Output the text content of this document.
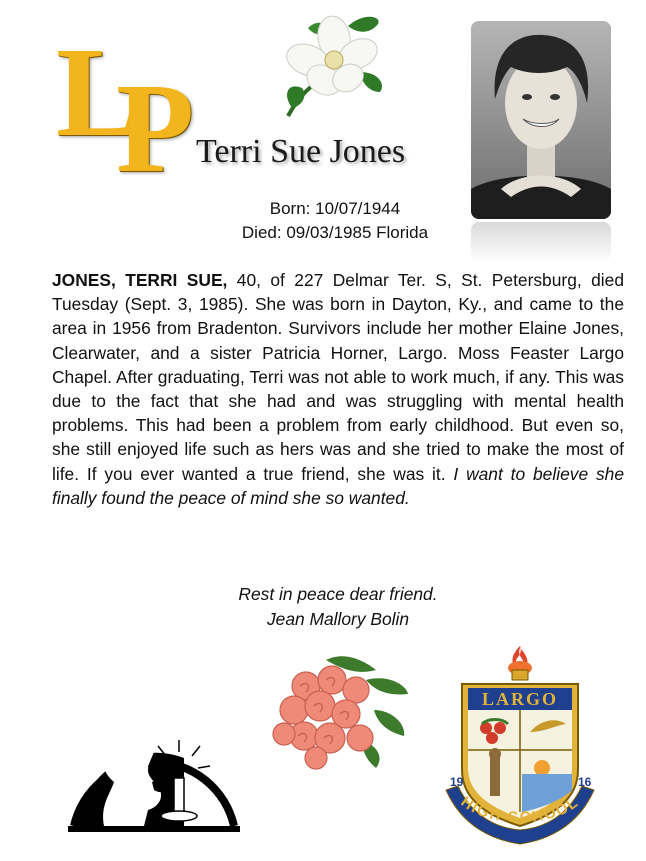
L
P Terri Sue Jones
Born: 10/07/1944
Died: 09/03/1985 Florida

JONES, TERRI SUE, 40, of 227 Delmar Ter. S, St. Petersburg, died Tuesday (Sept. 3, 1985). She was born in Dayton, Ky., and came to the area in 1956 from Bradenton. Survivors include her mother Elaine Jones, Clearwater, and a sister Patricia Horner, Largo. Moss Feaster Largo Chapel. After graduating, Terri was not able to work much, if any. This was due to the fact that she had and was struggling with mental health problems. This had been a problem from early childhood. But even so, she still enjoyed life such as hers was and she tried to make the most of life. If you ever wanted a true friend, she was it. I want to believe she finally found the peace of mind she so wanted.

Rest in peace dear friend.
Jean Mallory Bolin
LARGO
HIGH SCHOOL
19	16
